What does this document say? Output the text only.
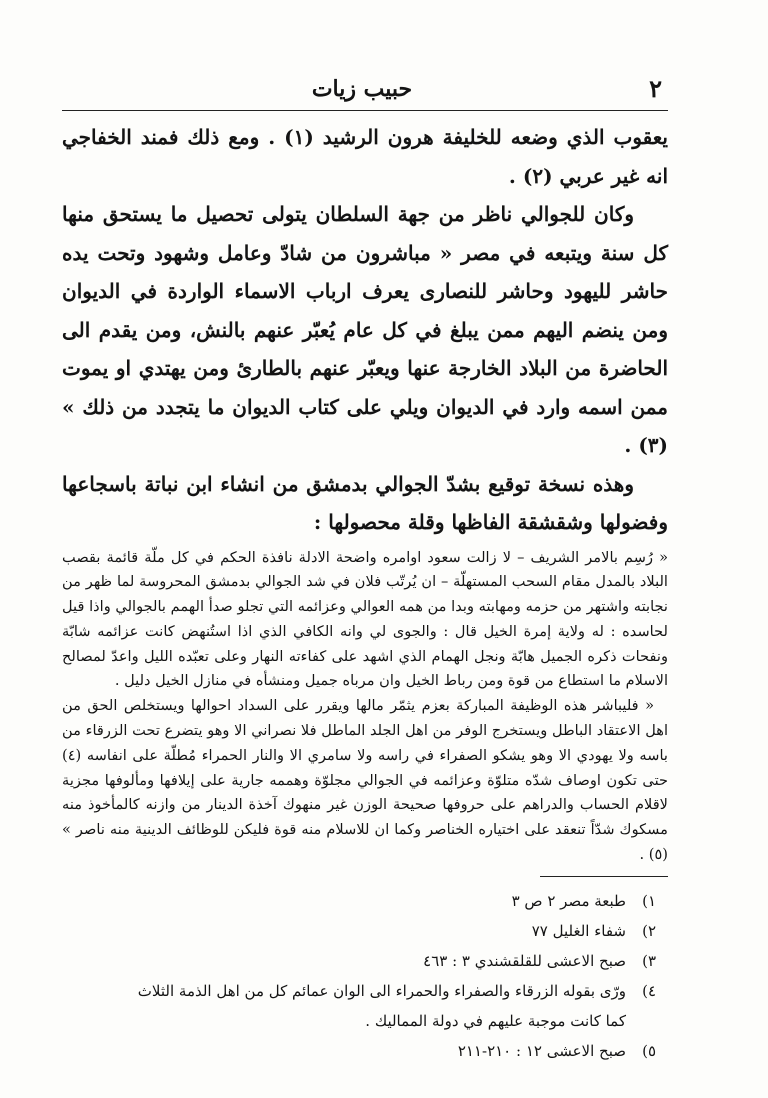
٢
حبيب زيات

يعقوب الذي وضعه للخليفة هرون الرشيد (١) . ومع ذلك فمند الخفاجي انه غير عربي (٢) .

وكان للجوالي ناظر من جهة السلطان يتولى تحصيل ما يستحق منها كل سنة ويتبعه في مصر « مباشرون من شادّ وعامل وشهود وتحت يده حاشر لليهود وحاشر للنصارى يعرف ارباب الاسماء الواردة في الديوان ومن ينضم اليهم ممن يبلغ في كل عام يُعبّر عنهم بالنش، ومن يقدم الى الحاضرة من البلاد الخارجة عنها ويعبّر عنهم بالطارئ ومن يهتدي او يموت ممن اسمه وارد في الديوان ويلي على كتاب الديوان ما يتجدد من ذلك » (٣) .

وهذه نسخة توقيع بشدّ الجوالي بدمشق من انشاء ابن نباتة باسجاعها وفضولها وشقشقة الفاظها وقلة محصولها :

« رُسِم بالامر الشريف – لا زالت سعود اوامره واضحة الادلة نافذة الحكم في كل ملّة قائمة بقصب البلاد بالمدل مقام السحب المستهلّة – ان يُرتّب فلان في شد الجوالي بدمشق المحروسة لما ظهر من نجابته واشتهر من حزمه ومهابته وبدا من همه العوالي وعزائمه التي تجلو صدأ الهمم بالجوالي واذا قيل لحاسده : له ولاية إمرة الخيل قال : والجوى لي وانه الكافي الذي اذا استُنهض كانت عزائمه شابّة ونفحات ذكره الجميل هابّة ونجل الهمام الذي اشهد على كفاءته النهار وعلى تعبّده الليل واعدّ لمصالح الاسلام ما استطاع من قوة ومن رباط الخيل وان مرباه جميل ومنشأه في منازل الخيل دليل .

« فليباشر هذه الوظيفة المباركة بعزم يثمّر مالها ويقرر على السداد احوالها ويستخلص الحق من اهل الاعتقاد الباطل ويستخرج الوفر من اهل الجلد الماطل فلا نصراني الا وهو يتضرع تحت الزرقاء من باسه ولا يهودي الا وهو يشكو الصفراء في راسه ولا سامري الا والنار الحمراء مُطلّة على انفاسه (٤) حتى تكون اوصاف شدّه متلوّة وعزائمه في الجوالي مجلوّة وهممه جارية على إيلافها ومألوفها مجزية لاقلام الحساب والدراهم على حروفها صحيحة الوزن غير منهوك آخذة الدينار من وازنه كالمأخوذ منه مسكوك شدّاً تنعقد على اختياره الخناصر وكما ان للاسلام منه قوة فليكن للوظائف الدينية منه ناصر » (٥) .

١)طبعة مصر ٢ ص ٣
٢)شفاء الغليل ٧٧
٣)صبح الاعشى للقلقشندي ٣ : ٤٦٣
٤)ورّى بقوله الزرقاء والصفراء والحمراء الى الوان عمائم كل من اهل الذمة الثلاث
كما كانت موجبة عليهم في دولة المماليك .
٥)صبح الاعشى ١٢ : ٢١٠-٢١١
